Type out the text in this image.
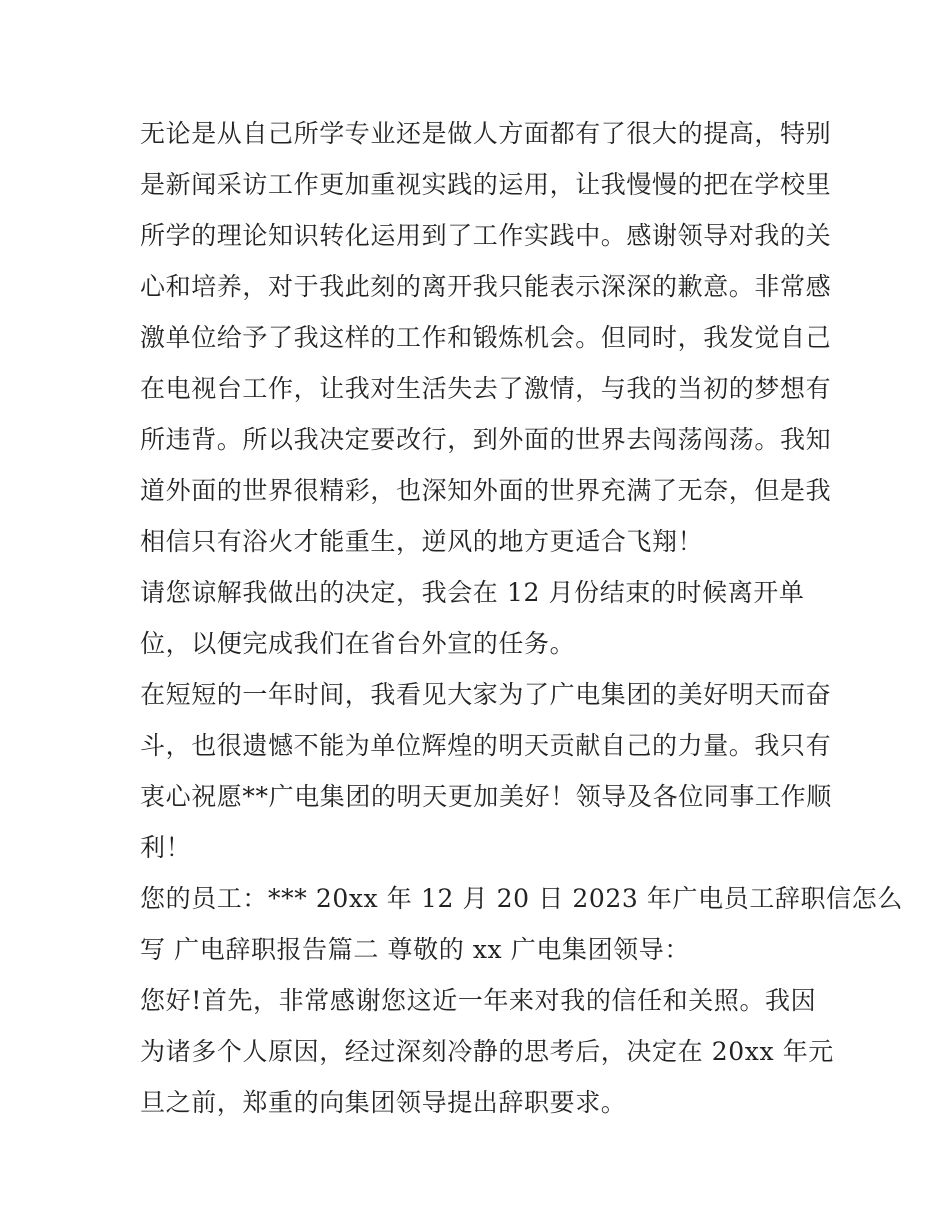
无论是从自己所学专业还是做人方面都有了很大的提高，特别
是新闻采访工作更加重视实践的运用，让我慢慢的把在学校里
所学的理论知识转化运用到了工作实践中。感谢领导对我的关
心和培养，对于我此刻的离开我只能表示深深的歉意。非常感
激单位给予了我这样的工作和锻炼机会。但同时，我发觉自己
在电视台工作，让我对生活失去了激情，与我的当初的梦想有
所违背。所以我决定要改行，到外面的世界去闯荡闯荡。我知
道外面的世界很精彩，也深知外面的世界充满了无奈，但是我
相信只有浴火才能重生，逆风的地方更适合飞翔！
请您谅解我做出的决定，我会在 12 月份结束的时候离开单
位，以便完成我们在省台外宣的任务。
在短短的一年时间，我看见大家为了广电集团的美好明天而奋
斗，也很遗憾不能为单位辉煌的明天贡献自己的力量。我只有
衷心祝愿**广电集团的明天更加美好！领导及各位同事工作顺
利！
您的员工：*** 20xx 年 12 月 20 日 2023 年广电员工辞职信怎么
写 广电辞职报告篇二 尊敬的 xx 广电集团领导：
您好!首先，非常感谢您这近一年来对我的信任和关照。我因
为诸多个人原因，经过深刻冷静的思考后，决定在 20xx 年元
旦之前，郑重的向集团领导提出辞职要求。
